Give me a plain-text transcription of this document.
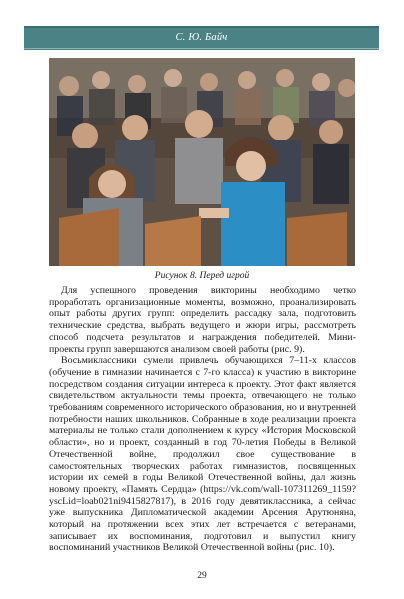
С. Ю. Байч
Рисунок 8. Перед игрой

Для успешного проведения викторины необходимо четко проработать организационные моменты, возможно, проанализировать опыт работы других групп: определить рассадку зала, подготовить технические средства, выбрать ведущего и жюри игры, рассмотреть способ подсчета результатов и награждения победителей. Мини-проекты групп завершаются анализом своей работы (рис. 9).

Восьмиклассники сумели привлечь обучающихся 7–11-х классов (обучение в гимназии начинается с 7-го класса) к участию в викторине посредством создания ситуации интереса к проекту. Этот факт является свидетельством актуальности темы проекта, отвечающего не только требованиям современного исторического образования, но и внутренней потребности наших школьников. Собранные в ходе реализации проекта материалы не только стали дополнением к курсу «История Московской области», но и проект, созданный в год 70-летия Победы в Великой Отечественной войне, продолжил свое существование в самостоятельных творческих работах гимназистов, посвященных истории их семей в годы Великой Отечественной войны, дал жизнь новому проекту, «Память Сердца» (https://vk.com/wall-107311269_1159?yscLid=loab021ni9415827817), в 2016 году девятиклассника, а сейчас уже выпускника Дипломатической академии Арсения Арутюняна, который на протяжении всех этих лет встречается с ветеранами, записывает их воспоминания, подготовил и выпустил книгу воспоминаний участников Великой Отечественной войны (рис. 10).

29
